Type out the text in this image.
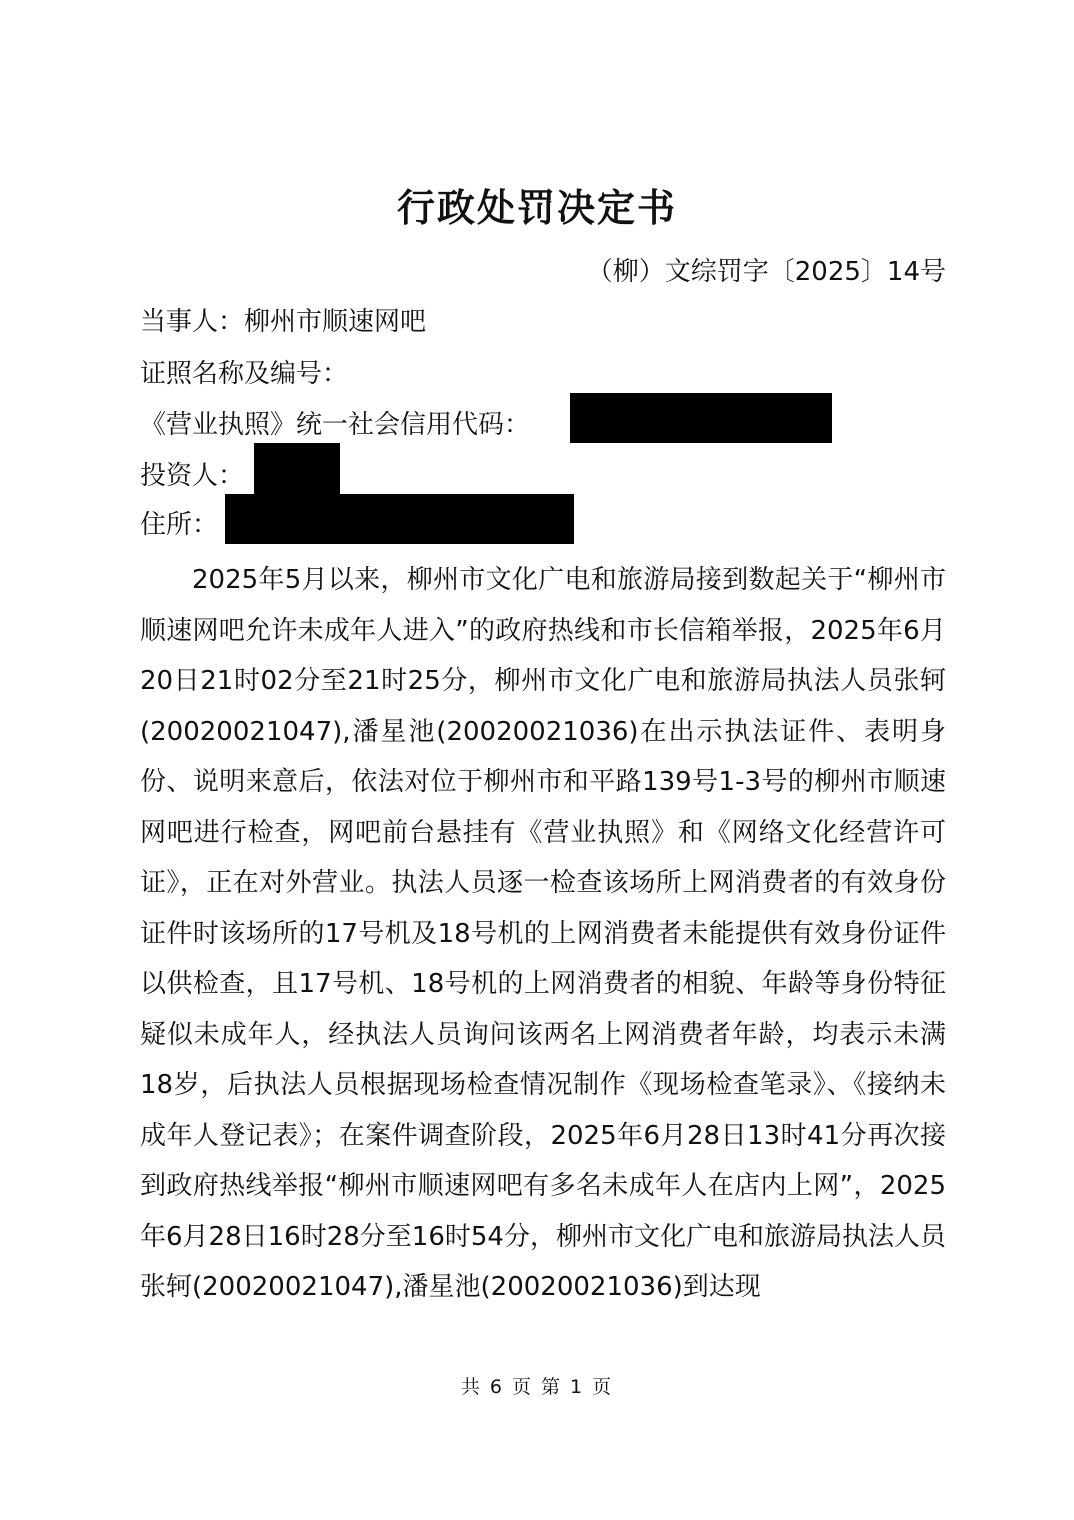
行政处罚决定书
（柳）文综罚字〔2025〕14号
当事人：柳州市顺速网吧
证照名称及编号：
《营业执照》统一社会信用代码：
投资人：
住所：

2025年5月以来，柳州市文化广电和旅游局接到数起关于“柳州市顺速网吧允许未成年人进入”的政府热线和市长信箱举报，2025年6月20日21时02分至21时25分，柳州市文化广电和旅游局执法人员张轲(20020021047),潘星池(20020021036)在出示执法证件、表明身份、说明来意后，依法对位于柳州市和平路139号1-3号的柳州市顺速网吧进行检查，网吧前台悬挂有《营业执照》和《网络文化经营许可证》，正在对外营业。执法人员逐一检查该场所上网消费者的有效身份证件时该场所的17号机及18号机的上网消费者未能提供有效身份证件以供检查，且17号机、18号机的上网消费者的相貌、年龄等身份特征疑似未成年人，经执法人员询问该两名上网消费者年龄，均表示未满18岁，后执法人员根据现场检查情况制作《现场检查笔录》、《接纳未成年人登记表》；在案件调查阶段，2025年6月28日13时41分再次接到政府热线举报“柳州市顺速网吧有多名未成年人在店内上网”，2025年6月28日16时28分至16时54分，柳州市文化广电和旅游局执法人员张轲(20020021047),潘星池(20020021036)到达现

共 6 页 第 1 页
